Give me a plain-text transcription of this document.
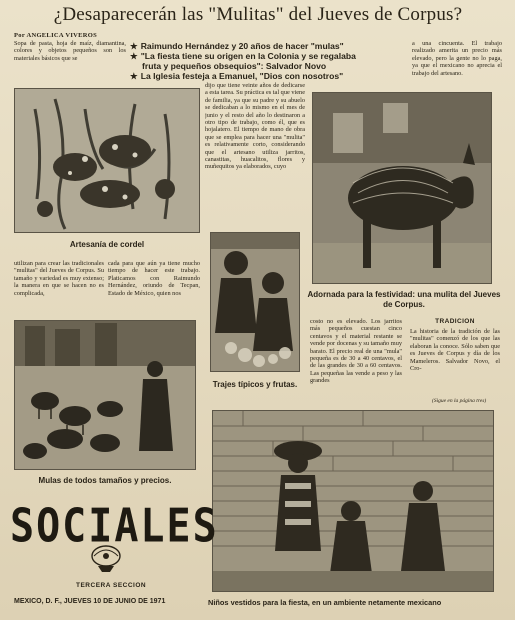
¿Desaparecerán las "Mulitas" del Jueves de Corpus?
Por ANGELICA VIVEROS
Sopa de pasta, hoja de maíz, diamantina, colores y objetos pequeños son los materiales básicos que se
★ Raimundo Hernández y 20 años de hacer "mulas"
★ "La fiesta tiene su origen en la Colonia y se regalaba
fruta y pequeños obsequios": Salvador Novo
★ La Iglesia festeja a Emanuel, "Dios con nosotros"
a una cincuenta. El trabajo realizado amerita un precio más elevado, pero la gente no lo paga, ya que el mexicano no aprecia el trabajo del artesano.
Artesanía de cordel
dijo que tiene veinte años de dedicarse a esta tarea. Su práctica es tal que viene de familia, ya que su padre y su abuelo se dedicaban a lo mismo en el mes de junio y el resto del año lo destinaron a otro tipo de trabajo, como él, que es hojalatero. El tiempo de mano de obra que se emplea para hacer una "mulita" es relativamente corto, considerando que el artesano utiliza jarritos, canastitas, huacalitos, flores y muñequitos ya elaborados, cuyo
Adornada para la festividad: una mulita del Jueves de Corpus.
utilizan para crear las tradicionales "mulitas" del Jueves de Corpus. Su tamaño y variedad es muy extenso; la manera en que se hacen no es complicada,
cada para que aún ya tiene mucho tiempo de hacer este trabajo. Platicamos con Raimundo Hernández, oriundo de Tecpan, Estado de México, quien nos
Trajes típicos y frutas.
Mulas de todos tamaños y precios.
costo no es elevado. Los jarritos más pequeños cuestan cinco centavos y el material restante se vende por docenas y su tamaño muy barato. El precio real de una "mula" pequeña es de 30 a 40 centavos, el de las grandes de 30 a 60 centavos. Las pequeñas las vende a peso y las grandes
TRADICION
La historia de la tradición de las "mulitas" comenzó de los que las elaboran la conoce. Sólo saben que es Jueves de Corpus y día de los Mameleros. Salvador Novo, el Cro-
(Sigue en la página tres)
SOCIALES
TERCERA SECCION
MEXICO, D. F., JUEVES 10 DE JUNIO DE 1971	Niños vestidos para la fiesta, en un ambiente netamente mexicano
